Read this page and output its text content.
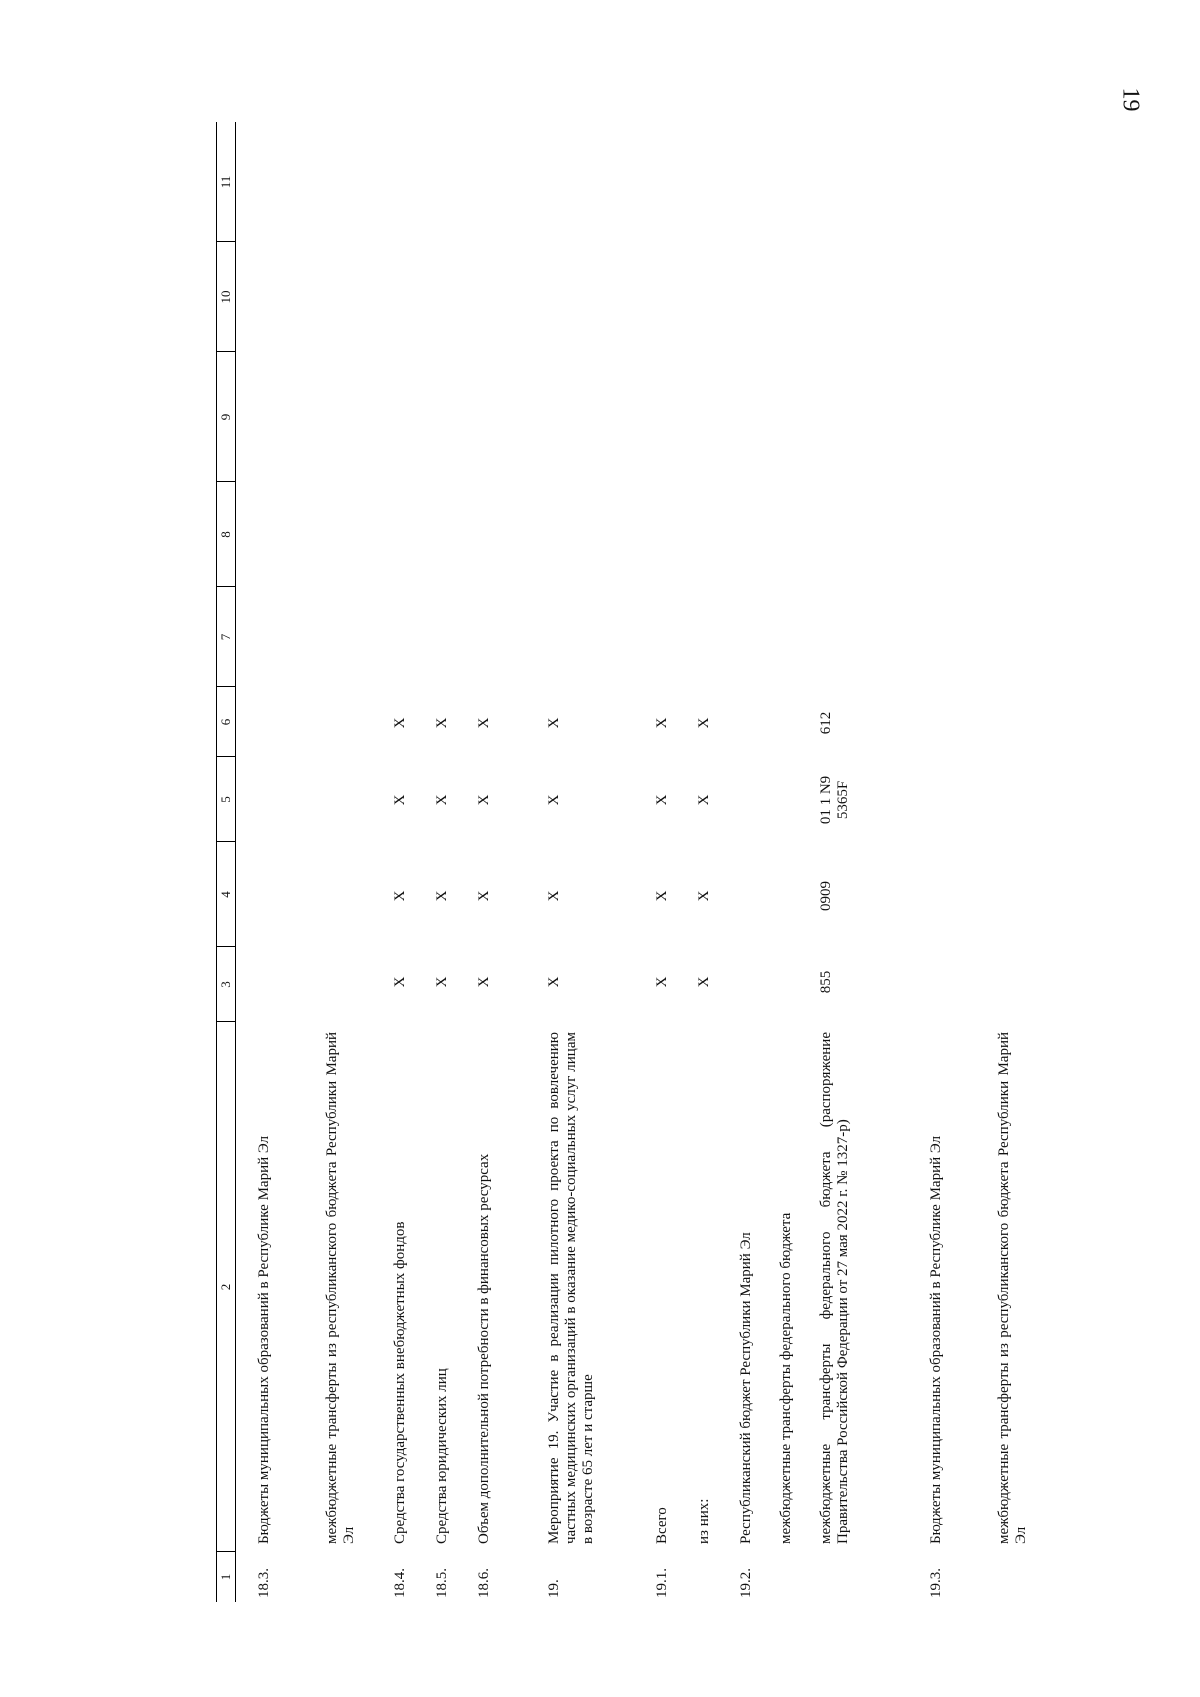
19
1
2
3
4
5
6
7
8
9
10
11
18.3.
Бюджеты муниципальных образований в Республике Марий Эл	межбюджетные трансферты из республиканского бюджета Республики Марий Эл
18.4.
Средства государственных внебюджетных фондов
Х
Х
Х
Х
18.5.
Средства юридических лиц
Х
Х
Х
Х
18.6.
Объем дополнительной потребности в финансовых ресурсах
Х
Х
Х
Х
19.
Мероприятие 19. Участие в реализации пилотного проекта по вовлечению частных медицинских организаций в оказание медико-социальных услуг лицам в возрасте 65 лет и старше
Х
Х
Х
Х
19.1.
Всего
Х
Х
Х
Х
из них:
Х
Х
Х
Х
19.2.
Республиканский бюджет Республики Марий Эл межбюджетные трансферты федерального бюджета межбюджетные трансферты федерального бюджета (распоряжение Правительства Российской Федерации от 27 мая 2022 г. № 1327-р)
855
0909
01 1 N9 5365F
612
19.3.
Бюджеты муниципальных образований в Республике Марий Эл	межбюджетные трансферты из республиканского бюджета Республики Марий Эл
